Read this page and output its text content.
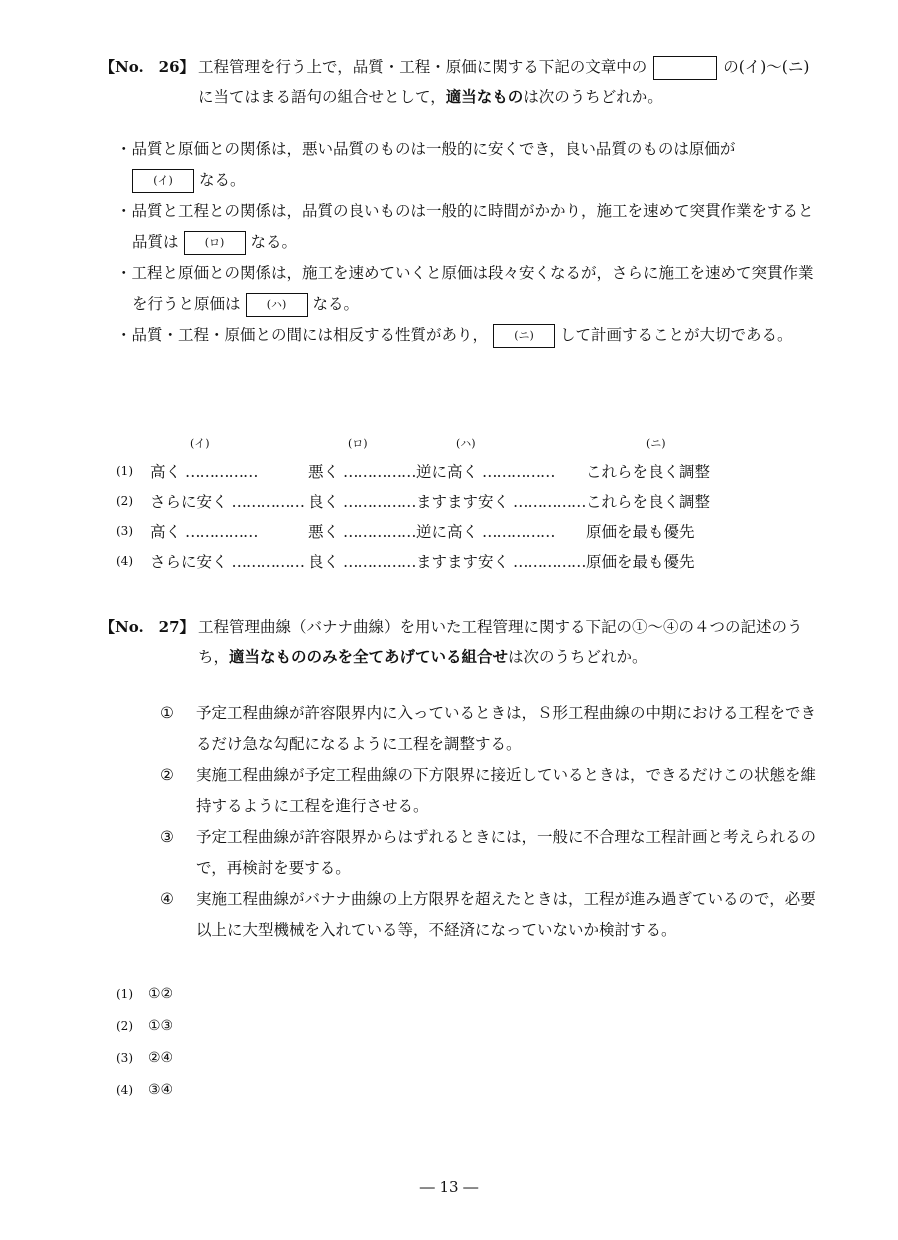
【No.　26】 工程管理を行う上で，品質・工程・原価に関する下記の文章中の	の(イ)～(ニ)
に当てはまる語句の組合せとして，適当なものは次のうちどれか。
・品質と原価との関係は，悪い品質のものは一般的に安くでき，良い品質のものは原価が
(イ) なる。
・品質と工程との関係は，品質の良いものは一般的に時間がかかり，施工を速めて突貫作業をすると品質は (ロ) なる。
・工程と原価との関係は，施工を速めていくと原価は段々安くなるが，さらに施工を速めて突貫作業を行うと原価は (ハ) なる。
・品質・工程・原価との間には相反する性質があり， (ニ) して計画することが大切である。
	(イ)	(ロ)	(ハ)	(ニ)
(1)	高く ……………	悪く ……………	逆に高く ……………	これらを良く調整
(2)	さらに安く ……………	良く ……………	ますます安く ……………	これらを良く調整
(3)	高く ……………	悪く ……………	逆に高く ……………	原価を最も優先
(4)	さらに安く ……………	良く ……………	ますます安く ……………	原価を最も優先
【No.　27】 工程管理曲線（バナナ曲線）を用いた工程管理に関する下記の①～④の４つの記述のうち，適当なもののみを全てあげている組合せは次のうちどれか。
①	予定工程曲線が許容限界内に入っているときは，Ｓ形工程曲線の中期における工程をできるだけ急な勾配になるように工程を調整する。
②	実施工程曲線が予定工程曲線の下方限界に接近しているときは，できるだけこの状態を維持するように工程を進行させる。
③	予定工程曲線が許容限界からはずれるときには，一般に不合理な工程計画と考えられるので，再検討を要する。
④	実施工程曲線がバナナ曲線の上方限界を超えたときは，工程が進み過ぎているので，必要以上に大型機械を入れている等，不経済になっていないか検討する。
(1)	①②
(2)	①③
(3)	②④
(4)	③④
― 13 ―
